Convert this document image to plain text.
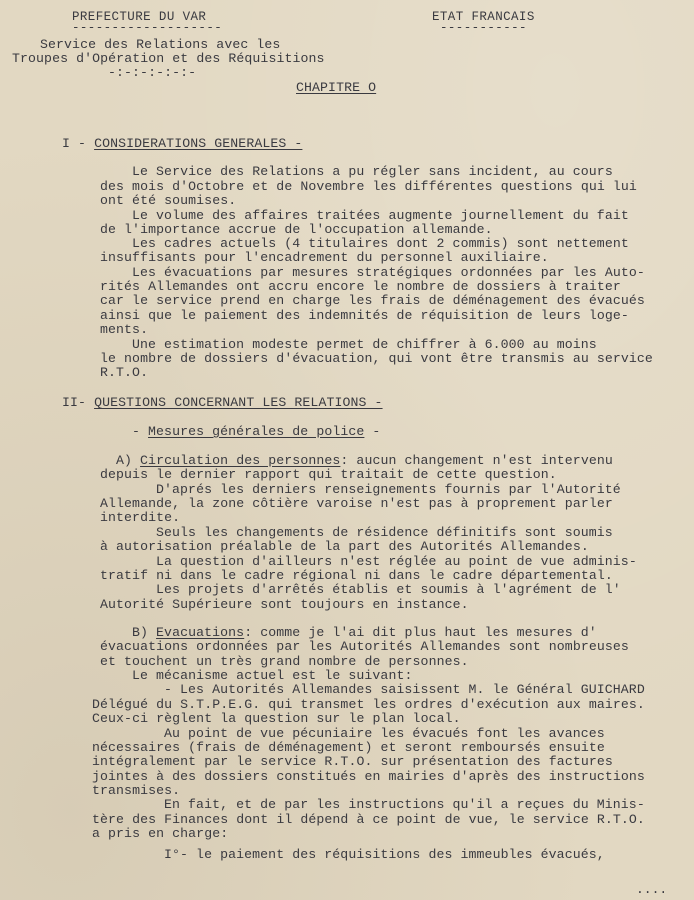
PREFECTURE DU VAR
-------------------
ETAT FRANCAIS
-----------
Service des Relations avec les
Troupes d'Opération et des Réquisitions
-:-:-:-:-:-
CHAPITRE O
I - CONSIDERATIONS GENERALES -
Le Service des Relations a pu régler sans incident, au cours
des mois d'Octobre et de Novembre les différentes questions qui lui
ont été soumises.
Le volume des affaires traitées augmente journellement du fait
de l'importance accrue de l'occupation allemande.
Les cadres actuels (4 titulaires dont 2 commis) sont nettement
insuffisants pour l'encadrement du personnel auxiliaire.
Les évacuations par mesures stratégiques ordonnées par les Auto-
rités Allemandes ont accru encore le nombre de dossiers à traiter
car le service prend en charge les frais de déménagement des évacués
ainsi que le paiement des indemnités de réquisition de leurs loge-
ments.
Une estimation modeste permet de chiffrer à 6.000 au moins
le nombre de dossiers d'évacuation, qui vont être transmis au service
R.T.O.
II- QUESTIONS CONCERNANT LES RELATIONS -
- Mesures générales de police -
A) Circulation des personnes: aucun changement n'est intervenu
depuis le dernier rapport qui traitait de cette question.
D'aprés les derniers renseignements fournis par l'Autorité
Allemande, la zone côtière varoise n'est pas à proprement parler
interdite.
Seuls les changements de résidence définitifs sont soumis
à autorisation préalable de la part des Autorités Allemandes.
La question d'ailleurs n'est réglée au point de vue adminis-
tratif ni dans le cadre régional ni dans le cadre départemental.
Les projets d'arrêtés établis et soumis à l'agrément de l'
Autorité Supérieure sont toujours en instance.
B) Evacuations: comme je l'ai dit plus haut les mesures d'
évacuations ordonnées par les Autorités Allemandes sont nombreuses
et touchent un très grand nombre de personnes.
Le mécanisme actuel est le suivant:
- Les Autorités Allemandes saisissent M. le Général GUICHARD
Délégué du S.T.P.E.G. qui transmet les ordres d'exécution aux maires.
Ceux-ci règlent la question sur le plan local.
Au point de vue pécuniaire les évacués font les avances
nécessaires (frais de déménagement) et seront remboursés ensuite
intégralement par le service R.T.O. sur présentation des factures
jointes à des dossiers constitués en mairies d'après des instructions
transmises.
En fait, et de par les instructions qu'il a reçues du Minis-
tère des Finances dont il dépend à ce point de vue, le service R.T.O.
a pris en charge:
I°- le paiement des réquisitions des immeubles évacués,
....
